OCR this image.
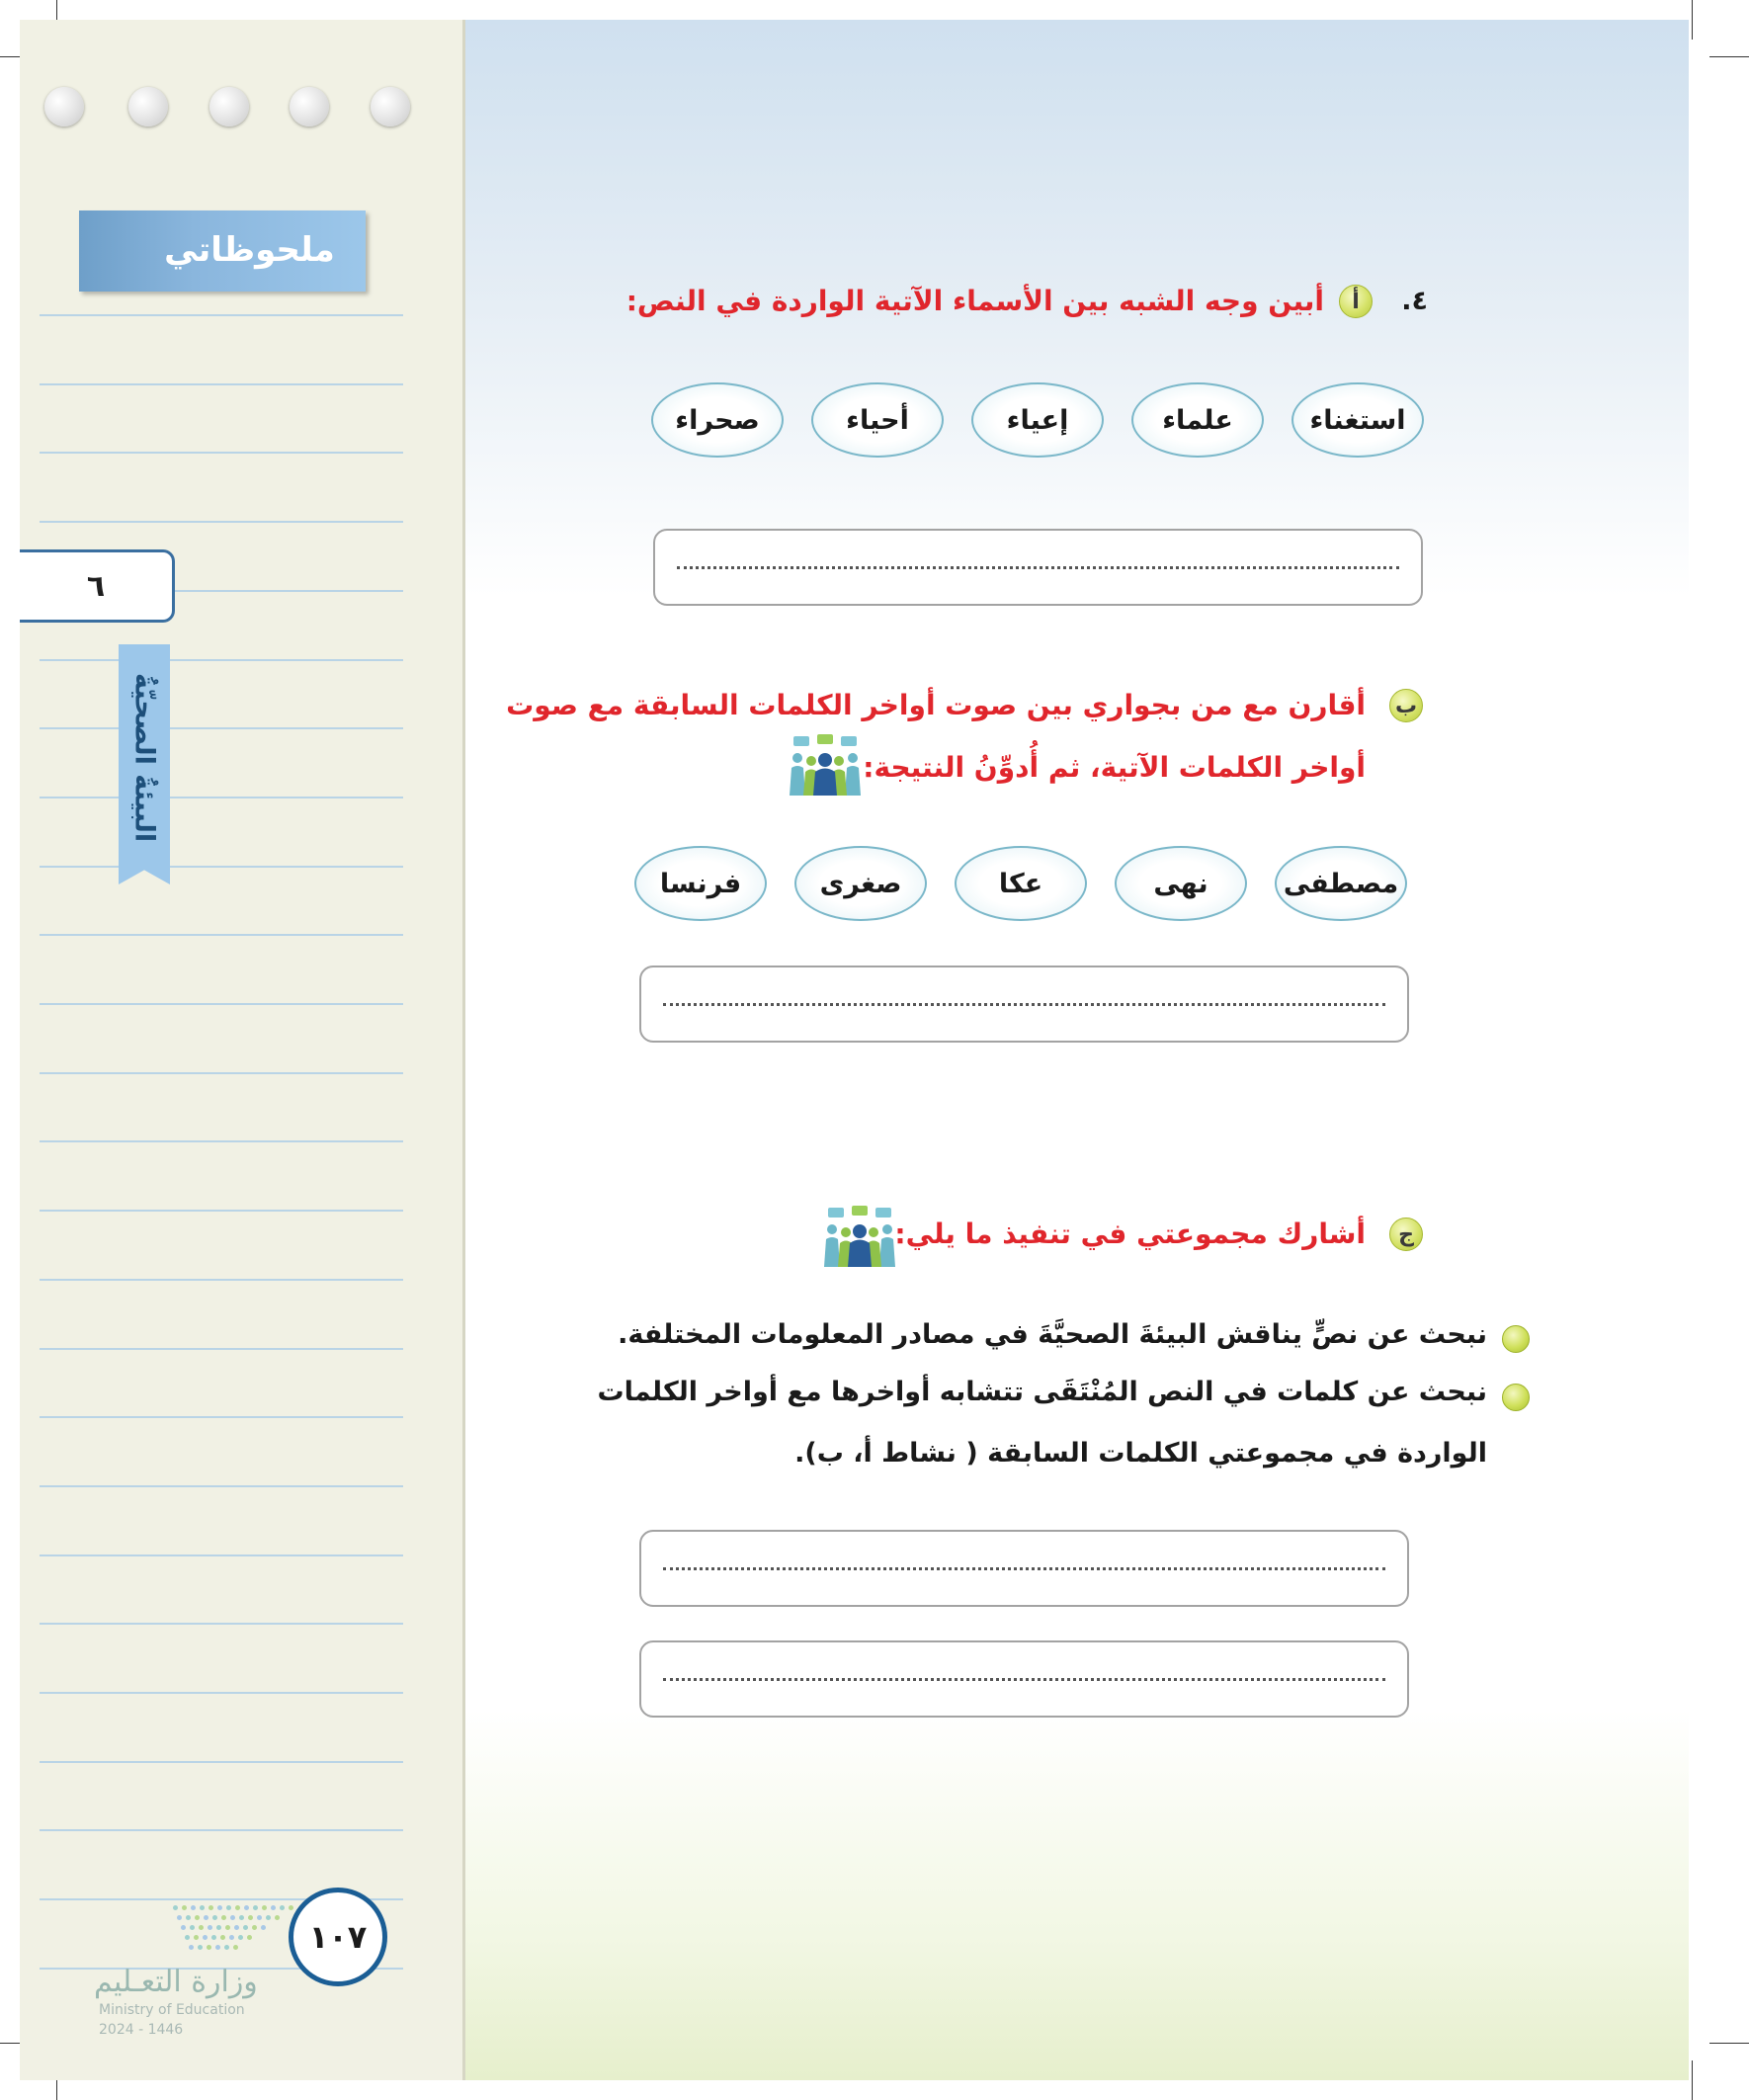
ملحوظاتي
٦
البيئةُ الصحيّةُ
وزارة التعـليم
Ministry of Education
2024 - 1446
١٠٧
٤.
أ
أبين وجه الشبه بين الأسماء الآتية الواردة في النص:
استغناء
علماء
إعياء
أحياء
صحراء
ب
أقارن مع من بجواري بين صوت أواخر الكلمات السابقة مع صوت
أواخر الكلمات الآتية، ثم أُدوِّنُ النتيجة:
مصطفى
نهى
عكا
صغرى
فرنسا
ج
أشارك مجموعتي في تنفيذ ما يلي:
نبحث عن نصٍّ يناقش البيئةَ الصحيَّةَ في مصادر المعلومات المختلفة.
نبحث عن كلمات في النص المُنْتَقَى تتشابه أواخرها مع أواخر الكلمات
الواردة في مجموعتي الكلمات السابقة ( نشاط أ، ب).
